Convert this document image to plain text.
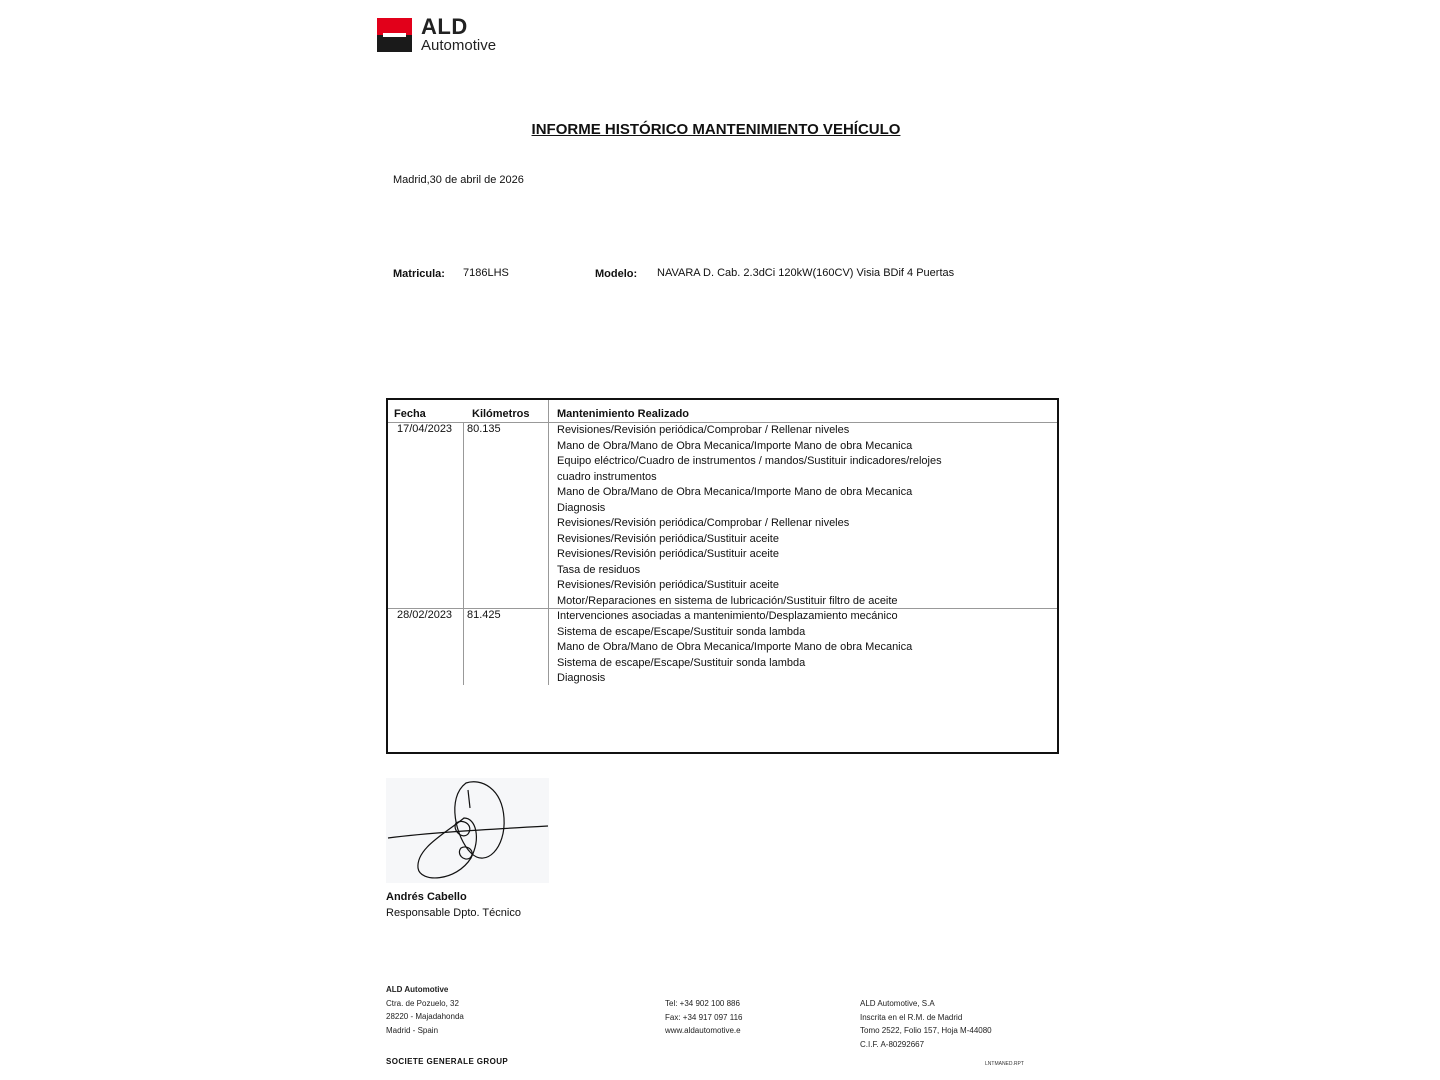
ALD
Automotive
INFORME HISTÓRICO MANTENIMIENTO VEHÍCULO
Madrid,30 de abril de 2026
Matricula: 7186LHS	Modelo: NAVARA D. Cab. 2.3dCi 120kW(160CV) Visia BDif 4 Puertas
Fecha	Kilómetros	Mantenimiento Realizado
17/04/2023 80.135	Revisiones/Revisión periódica/Comprobar / Rellenar niveles
Mano de Obra/Mano de Obra Mecanica/Importe Mano de obra Mecanica
Equipo eléctrico/Cuadro de instrumentos / mandos/Sustituir indicadores/relojes
cuadro instrumentos
Mano de Obra/Mano de Obra Mecanica/Importe Mano de obra Mecanica
Diagnosis
Revisiones/Revisión periódica/Comprobar / Rellenar niveles
Revisiones/Revisión periódica/Sustituir aceite
Revisiones/Revisión periódica/Sustituir aceite
Tasa de residuos
Revisiones/Revisión periódica/Sustituir aceite
Motor/Reparaciones en sistema de lubricación/Sustituir filtro de aceite
28/02/2023 81.425	Intervenciones asociadas a mantenimiento/Desplazamiento mecánico
Sistema de escape/Escape/Sustituir sonda lambda
Mano de Obra/Mano de Obra Mecanica/Importe Mano de obra Mecanica
Sistema de escape/Escape/Sustituir sonda lambda
Diagnosis
Andrés Cabello
Responsable Dpto. Técnico
ALD Automotive
Ctra. de Pozuelo, 32
28220 - Majadahonda
Madrid - Spain
Tel: +34 902 100 886
Fax: +34 917 097 116
www.aldautomotive.e
ALD Automotive, S.A
Inscrita en el R.M. de Madrid
Tomo 2522, Folio 157, Hoja M-44080
C.I.F. A-80292667
SOCIETE GENERALE GROUP	LNTMANED.RPT
